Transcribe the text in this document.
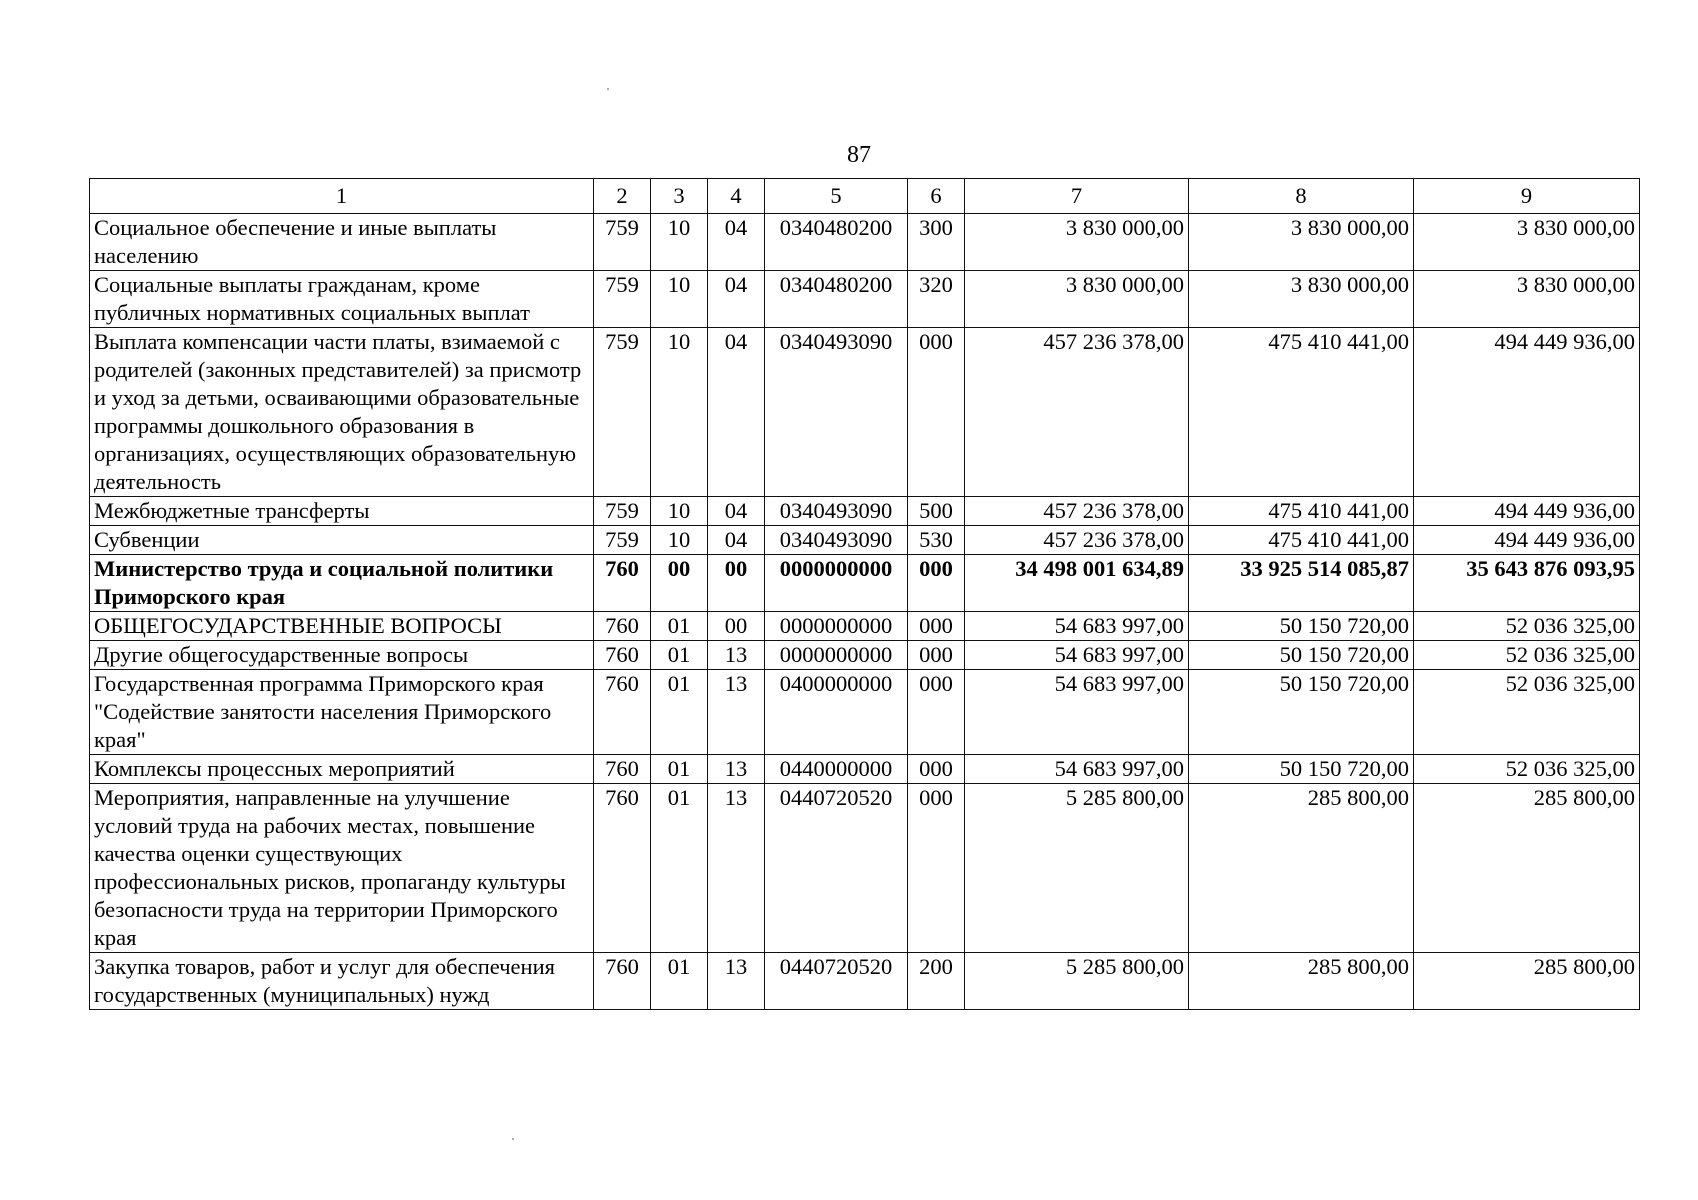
87
1	2	3	4	5	6	7	8	9
Социальное обеспечение и иные выплаты населению	759	10	04	0340480200	300	3 830 000,00	3 830 000,00	3 830 000,00
Социальные выплаты гражданам, кроме публичных нормативных социальных выплат	759	10	04	0340480200	320	3 830 000,00	3 830 000,00	3 830 000,00
Выплата компенсации части платы, взимаемой с родителей (законных представителей) за присмотр и уход за детьми, осваивающими образовательные программы дошкольного образования в организациях, осуществляющих образовательную деятельность	759	10	04	0340493090	000	457 236 378,00	475 410 441,00	494 449 936,00
Межбюджетные трансферты	759	10	04	0340493090	500	457 236 378,00	475 410 441,00	494 449 936,00
Субвенции	759	10	04	0340493090	530	457 236 378,00	475 410 441,00	494 449 936,00
Министерство труда и социальной политики Приморского края	760	00	00	0000000000	000	34 498 001 634,89	33 925 514 085,87	35 643 876 093,95
ОБЩЕГОСУДАРСТВЕННЫЕ ВОПРОСЫ	760	01	00	0000000000	000	54 683 997,00	50 150 720,00	52 036 325,00
Другие общегосударственные вопросы	760	01	13	0000000000	000	54 683 997,00	50 150 720,00	52 036 325,00
Государственная программа Приморского края "Содействие занятости населения Приморского края"	760	01	13	0400000000	000	54 683 997,00	50 150 720,00	52 036 325,00
Комплексы процессных мероприятий	760	01	13	0440000000	000	54 683 997,00	50 150 720,00	52 036 325,00
Мероприятия, направленные на улучшение условий труда на рабочих местах, повышение качества оценки существующих профессиональных рисков, пропаганду культуры безопасности труда на территории Приморского края	760	01	13	0440720520	000	5 285 800,00	285 800,00	285 800,00
Закупка товаров, работ и услуг для обеспечения государственных (муниципальных) нужд	760	01	13	0440720520	200	5 285 800,00	285 800,00	285 800,00
